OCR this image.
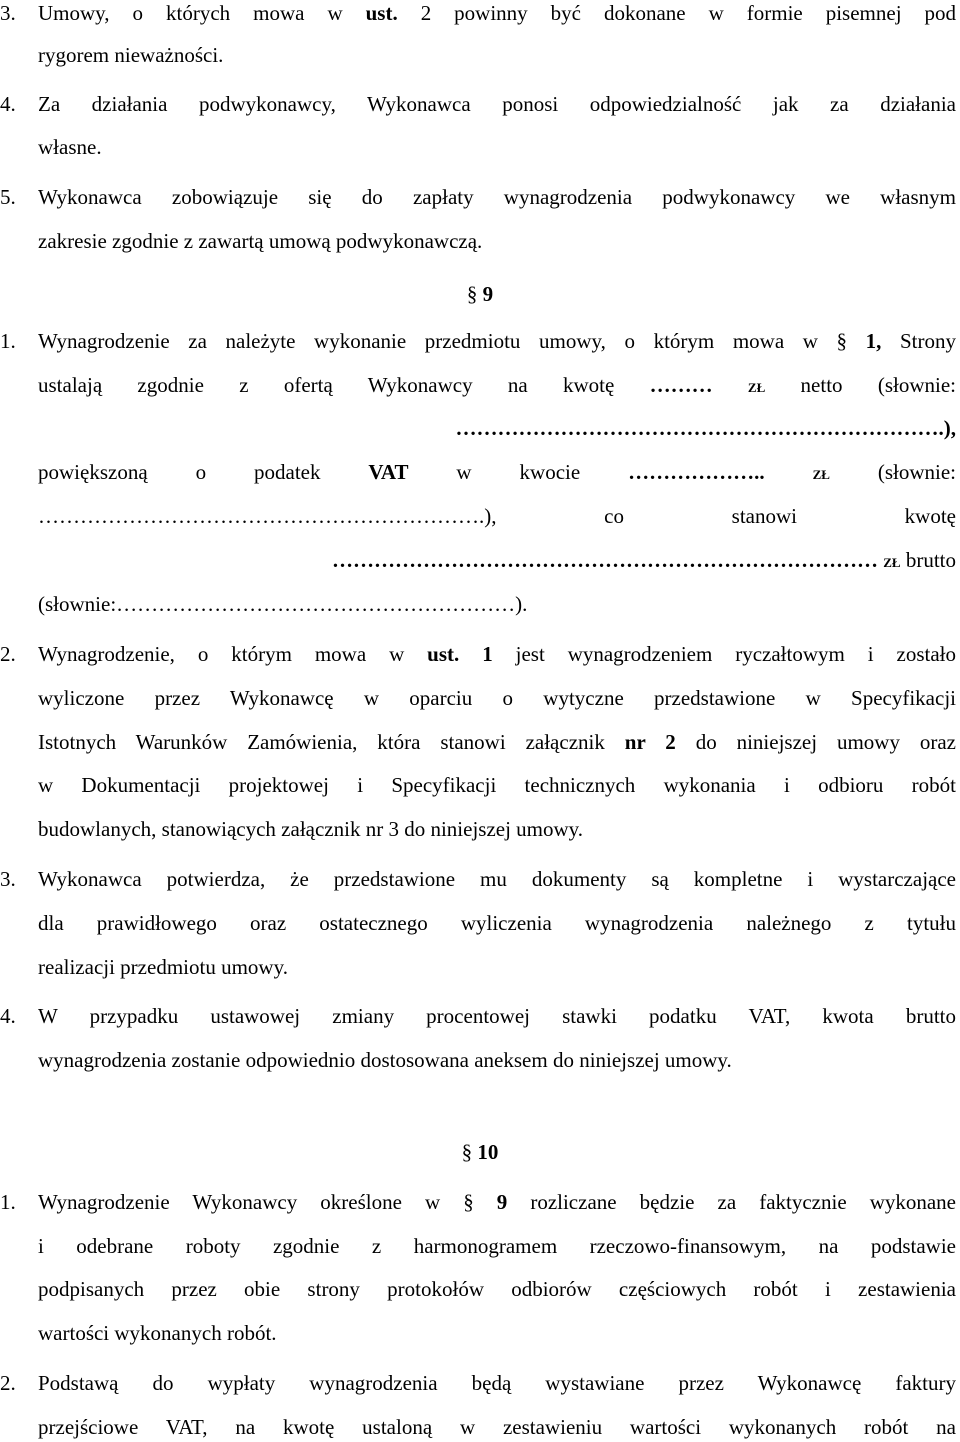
3. Umowy, o których mowa w ust. 2 powinny być dokonane w formie pisemnej pod
rygorem nieważności.
4. Za działania podwykonawcy, Wykonawca ponosi odpowiedzialność jak za działania
własne.
5. Wykonawca zobowiązuje się do zapłaty wynagrodzenia podwykonawcy we własnym
zakresie zgodnie z zawartą umową podwykonawczą.
§ 9
1. Wynagrodzenie za należyte wykonanie przedmiotu umowy, o którym mowa w § 1, Strony
ustalają zgodnie z ofertą Wykonawcy na kwotę ……… zł netto (słownie:
…………………………………………………………….),
powiększoną o podatek VAT w kwocie ………………..	zł (słownie:
……………………………………………………….), co stanowi kwotę
…………………………………………………………………… zł brutto
(słownie:…………………………………………………).
2. Wynagrodzenie, o którym mowa w ust. 1 jest wynagrodzeniem ryczałtowym i zostało
wyliczone przez Wykonawcę w oparciu o wytyczne przedstawione w Specyfikacji
Istotnych Warunków Zamówienia, która stanowi załącznik nr 2 do niniejszej umowy oraz
w Dokumentacji projektowej i Specyfikacji technicznych wykonania i odbioru robót
budowlanych, stanowiących załącznik nr 3 do niniejszej umowy.
3. Wykonawca potwierdza, że przedstawione mu dokumenty są kompletne i wystarczające
dla prawidłowego oraz ostatecznego wyliczenia wynagrodzenia należnego z tytułu
realizacji przedmiotu umowy.
4. W przypadku ustawowej zmiany procentowej stawki podatku VAT, kwota brutto
wynagrodzenia zostanie odpowiednio dostosowana aneksem do niniejszej umowy.
§ 10
1. Wynagrodzenie Wykonawcy określone w § 9 rozliczane będzie za faktycznie wykonane
i odebrane roboty zgodnie z harmonogramem rzeczowo-finansowym, na podstawie
podpisanych przez obie strony protokołów odbiorów częściowych robót i zestawienia
wartości wykonanych robót.
2. Podstawą do wypłaty wynagrodzenia będą wystawiane przez Wykonawcę faktury
przejściowe VAT, na kwotę ustaloną w zestawieniu wartości wykonanych robót na
